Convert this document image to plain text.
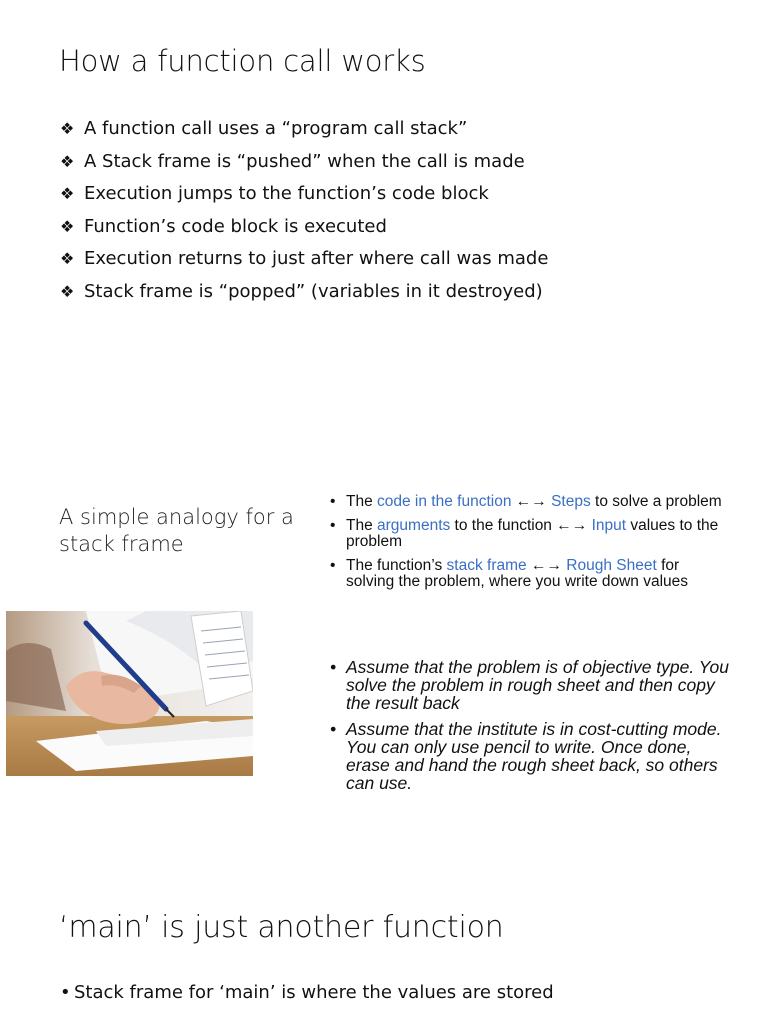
How a function call works
❖ A function call uses a “program call stack”
❖ A Stack frame is “pushed” when the call is made
❖ Execution jumps to the function’s code block
❖ Function’s code block is executed
❖ Execution returns to just after where call was made
❖ Stack frame is “popped” (variables in it destroyed)
A simple analogy for a
stack frame
• The code in the function ←→ Steps to solve a problem
• The arguments to the function ←→ Input values to the problem
• The function’s stack frame ←→ Rough Sheet for solving the problem, where you write down values
• Assume that the problem is of objective type. You solve the problem in rough sheet and then copy the result back
• Assume that the institute is in cost-cutting mode. You can only use pencil to write. Once done, erase and hand the rough sheet back, so others can use.
‘main’ is just another function
• Stack frame for ‘main’ is where the values are stored
